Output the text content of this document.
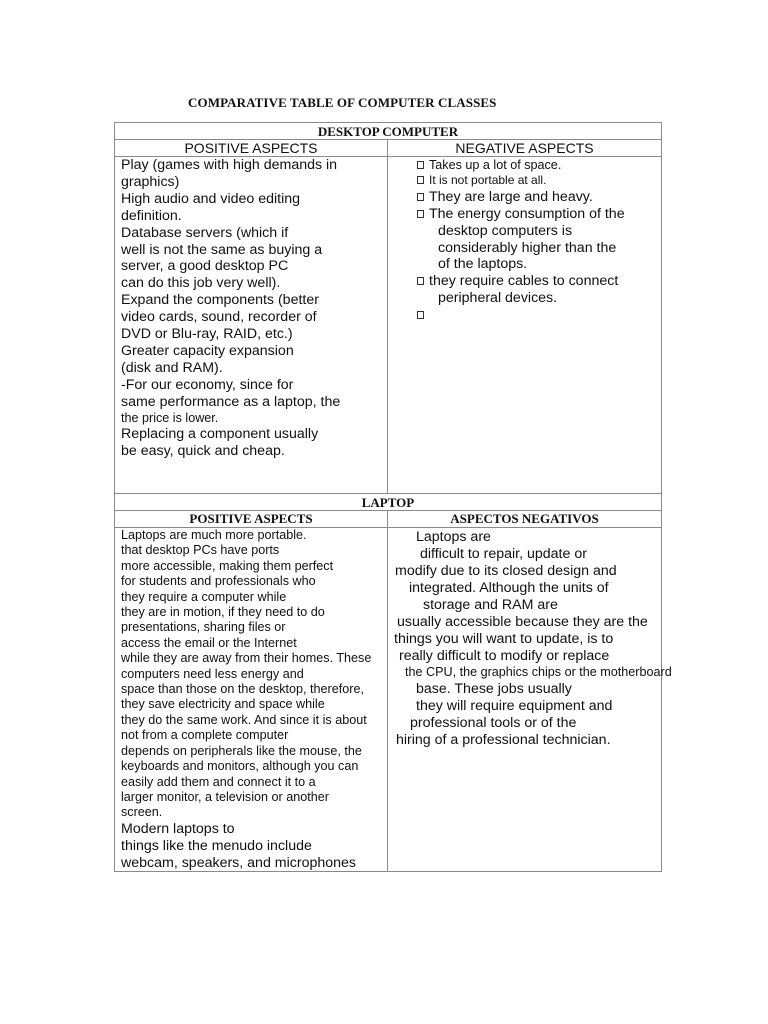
COMPARATIVE TABLE OF COMPUTER CLASSES
DESKTOP COMPUTER
POSITIVE ASPECTS	NEGATIVE ASPECTS
Play (games with high demands in
graphics)
High audio and video editing
definition.
Database servers (which if
well is not the same as buying a
server, a good desktop PC
can do this job very well).
Expand the components (better
video cards, sound, recorder of
DVD or Blu-ray, RAID, etc.)
Greater capacity expansion
(disk and RAM).
-For our economy, since for
same performance as a laptop, the
the price is lower.
Replacing a component usually
be easy, quick and cheap.
Takes up a lot of space.
It is not portable at all.
They are large and heavy.
The energy consumption of the
desktop computers is
considerably higher than the
of the laptops.
they require cables to connect
peripheral devices.
LAPTOP
POSITIVE ASPECTS	ASPECTOS NEGATIVOS
Laptops are much more portable.
that desktop PCs have ports
more accessible, making them perfect
for students and professionals who
they require a computer while
they are in motion, if they need to do
presentations, sharing files or
access the email or the Internet
while they are away from their homes. These
computers need less energy and
space than those on the desktop, therefore,
they save electricity and space while
they do the same work. And since it is about
not from a complete computer
depends on peripherals like the mouse, the
keyboards and monitors, although you can
easily add them and connect it to a
larger monitor, a television or another
screen.
Modern laptops to
things like the menudo include
webcam, speakers, and microphones
Laptops are
difficult to repair, update or
modify due to its closed design and
integrated. Although the units of
storage and RAM are
usually accessible because they are the
things you will want to update, is to
really difficult to modify or replace
the CPU, the graphics chips or the motherboard
base. These jobs usually
they will require equipment and
professional tools or of the
hiring of a professional technician.
